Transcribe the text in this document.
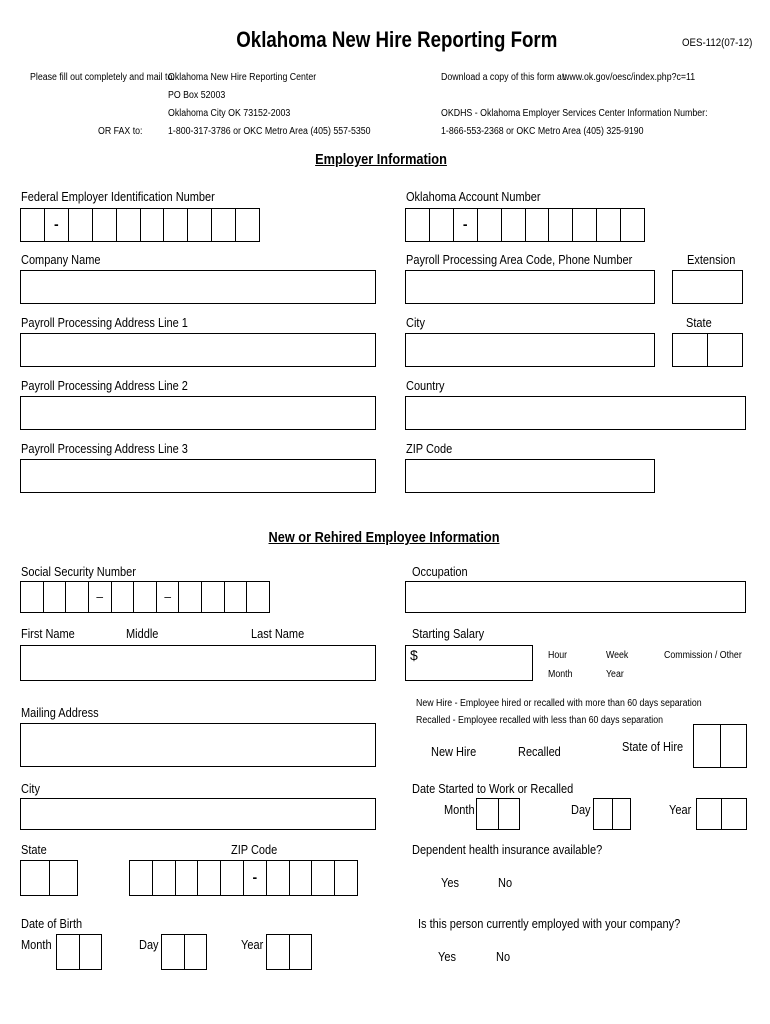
Oklahoma New Hire Reporting Form	OES-112(07-12)
Please fill out completely and mail to:
Oklahoma New Hire Reporting Center
PO Box 52003
Oklahoma City OK 73152-2003
OR FAX to:	1-800-317-3786 or OKC Metro Area (405) 557-5350
Download a copy of this form at:
www.ok.gov/oesc/index.php?c=11
OKDHS - Oklahoma Employer Services Center Information Number:
1-866-553-2368 or OKC Metro Area (405) 325-9190
Employer Information
Federal Employer Identification Number
-
Oklahoma Account Number
-
Company Name	Payroll Processing Area Code, Phone Number	Extension
Payroll Processing Address Line 1	City	State
Payroll Processing Address Line 2	Country
Payroll Processing Address Line 3	ZIP Code
New or Rehired Employee Information
Social Security Number
–	–
Occupation
First Name	Middle	Last Name	Starting Salary
$	Hour	Week	Commission / Other
Month	Year
Mailing Address
New Hire - Employee hired or recalled with more than 60 days separation
Recalled - Employee recalled with less than 60 days separation
New Hire	Recalled	State of Hire
City	Date Started to Work or Recalled
Month	Day	Year
State	ZIP Code
-
Dependent health insurance available?
Yes	No
Date of Birth
Month	Day	Year
Is this person currently employed with your company?
Yes	No
